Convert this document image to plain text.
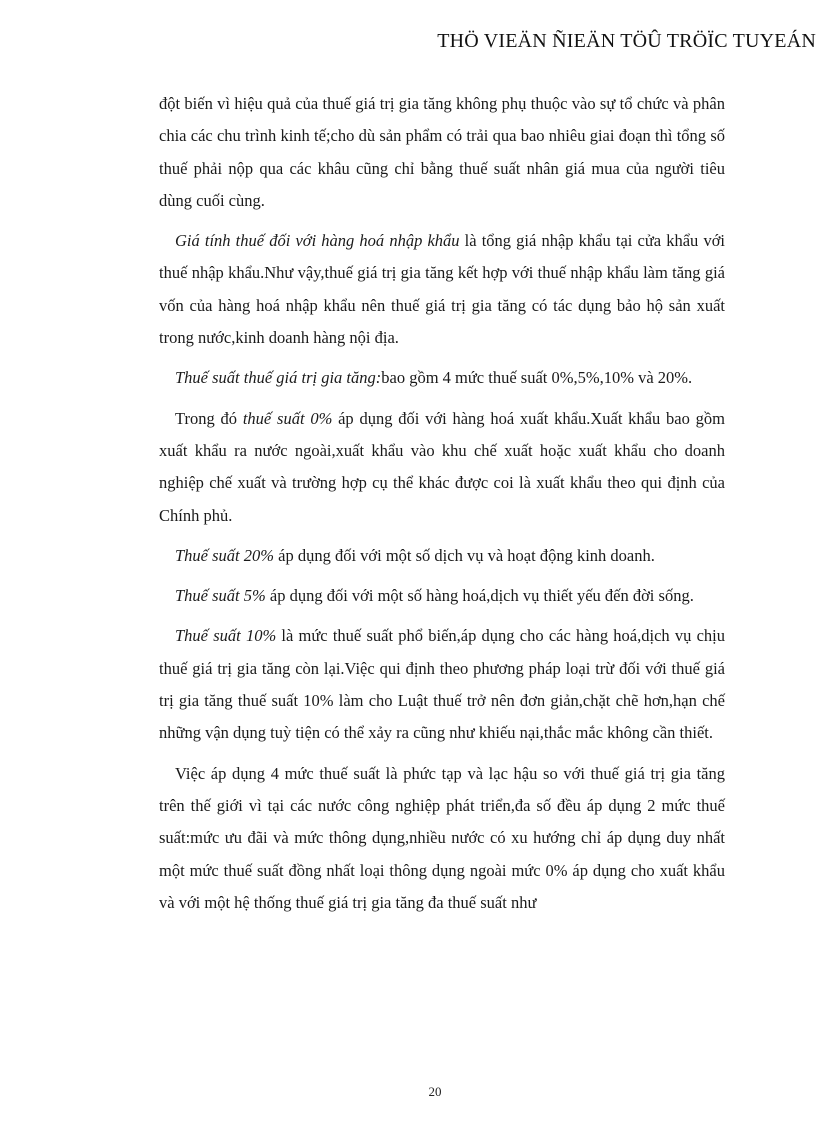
THÖ VIEÄN ÑIEÄN TÖÛ TRÖÏC TUYEÁN

đột biến vì hiệu quả của thuế giá trị gia tăng không phụ thuộc vào sự tổ chức và phân chia các chu trình kinh tế;cho dù sản phẩm có trải qua bao nhiêu giai đoạn thì tổng số thuế phải nộp qua các khâu cũng chỉ bằng thuế suất nhân giá mua của người tiêu dùng cuối cùng.

Giá tính thuế đối với hàng hoá nhập khẩu là tổng giá nhập khẩu tại cửa khẩu với thuế nhập khẩu.Như vậy,thuế giá trị gia tăng kết hợp với thuế nhập khẩu làm tăng giá vốn của hàng hoá nhập khẩu nên thuế giá trị gia tăng có tác dụng bảo hộ sản xuất trong nước,kinh doanh hàng nội địa.

Thuế suất thuế giá trị gia tăng:bao gồm 4 mức thuế suất 0%,5%,10% và 20%.

Trong đó thuế suất 0% áp dụng đối với hàng hoá xuất khẩu.Xuất khẩu bao gồm xuất khẩu ra nước ngoài,xuất khẩu vào khu chế xuất hoặc xuất khẩu cho doanh nghiệp chế xuất và trường hợp cụ thể khác được coi là xuất khẩu theo qui định của Chính phủ.

Thuế suất 20% áp dụng đối với một số dịch vụ và hoạt động kinh doanh.

Thuế suất 5% áp dụng đối với một số hàng hoá,dịch vụ thiết yếu đến đời sống.

Thuế suất 10% là mức thuế suất phổ biến,áp dụng cho các hàng hoá,dịch vụ chịu thuế giá trị gia tăng còn lại.Việc qui định theo phương pháp loại trừ đối với thuế giá trị gia tăng thuế suất 10% làm cho Luật thuế trở nên đơn giản,chặt chẽ hơn,hạn chế những vận dụng tuỳ tiện có thể xảy ra cũng như khiếu nại,thắc mắc không cần thiết.

Việc áp dụng 4 mức thuế suất là phức tạp và lạc hậu so với thuế giá trị gia tăng trên thế giới vì tại các nước công nghiệp phát triển,đa số đều áp dụng 2 mức thuế suất:mức ưu đãi và mức thông dụng,nhiều nước có xu hướng chỉ áp dụng duy nhất một mức thuế suất đồng nhất loại thông dụng ngoài mức 0% áp dụng cho xuất khẩu và với một hệ thống thuế giá trị gia tăng đa thuế suất như

20
